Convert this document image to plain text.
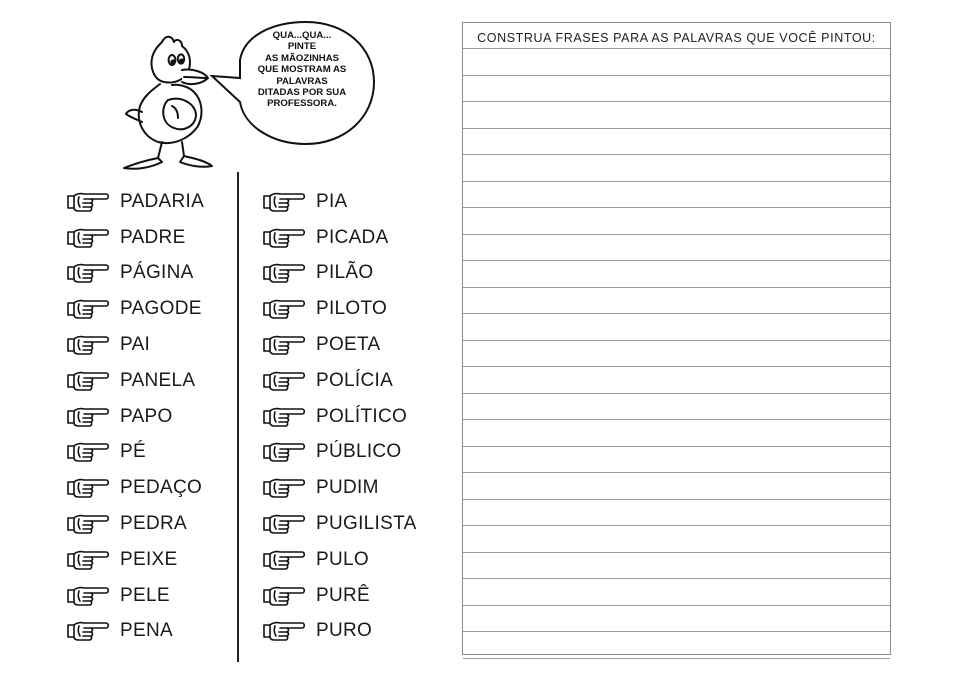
QUA...QUA...
PINTE
AS MÃOZINHAS
QUE MOSTRAM AS
PALAVRAS
DITADAS POR SUA
PROFESSORA.
PADARIA
PADRE
PÁGINA
PAGODE
PAI
PANELA
PAPO
PÉ
PEDAÇO
PEDRA
PEIXE
PELE
PENA
PIA
PICADA
PILÃO
PILOTO
POETA
POLÍCIA
POLÍTICO
PÚBLICO
PUDIM
PUGILISTA
PULO
PURÊ
PURO
CONSTRUA FRASES PARA AS PALAVRAS QUE VOCÊ PINTOU:
